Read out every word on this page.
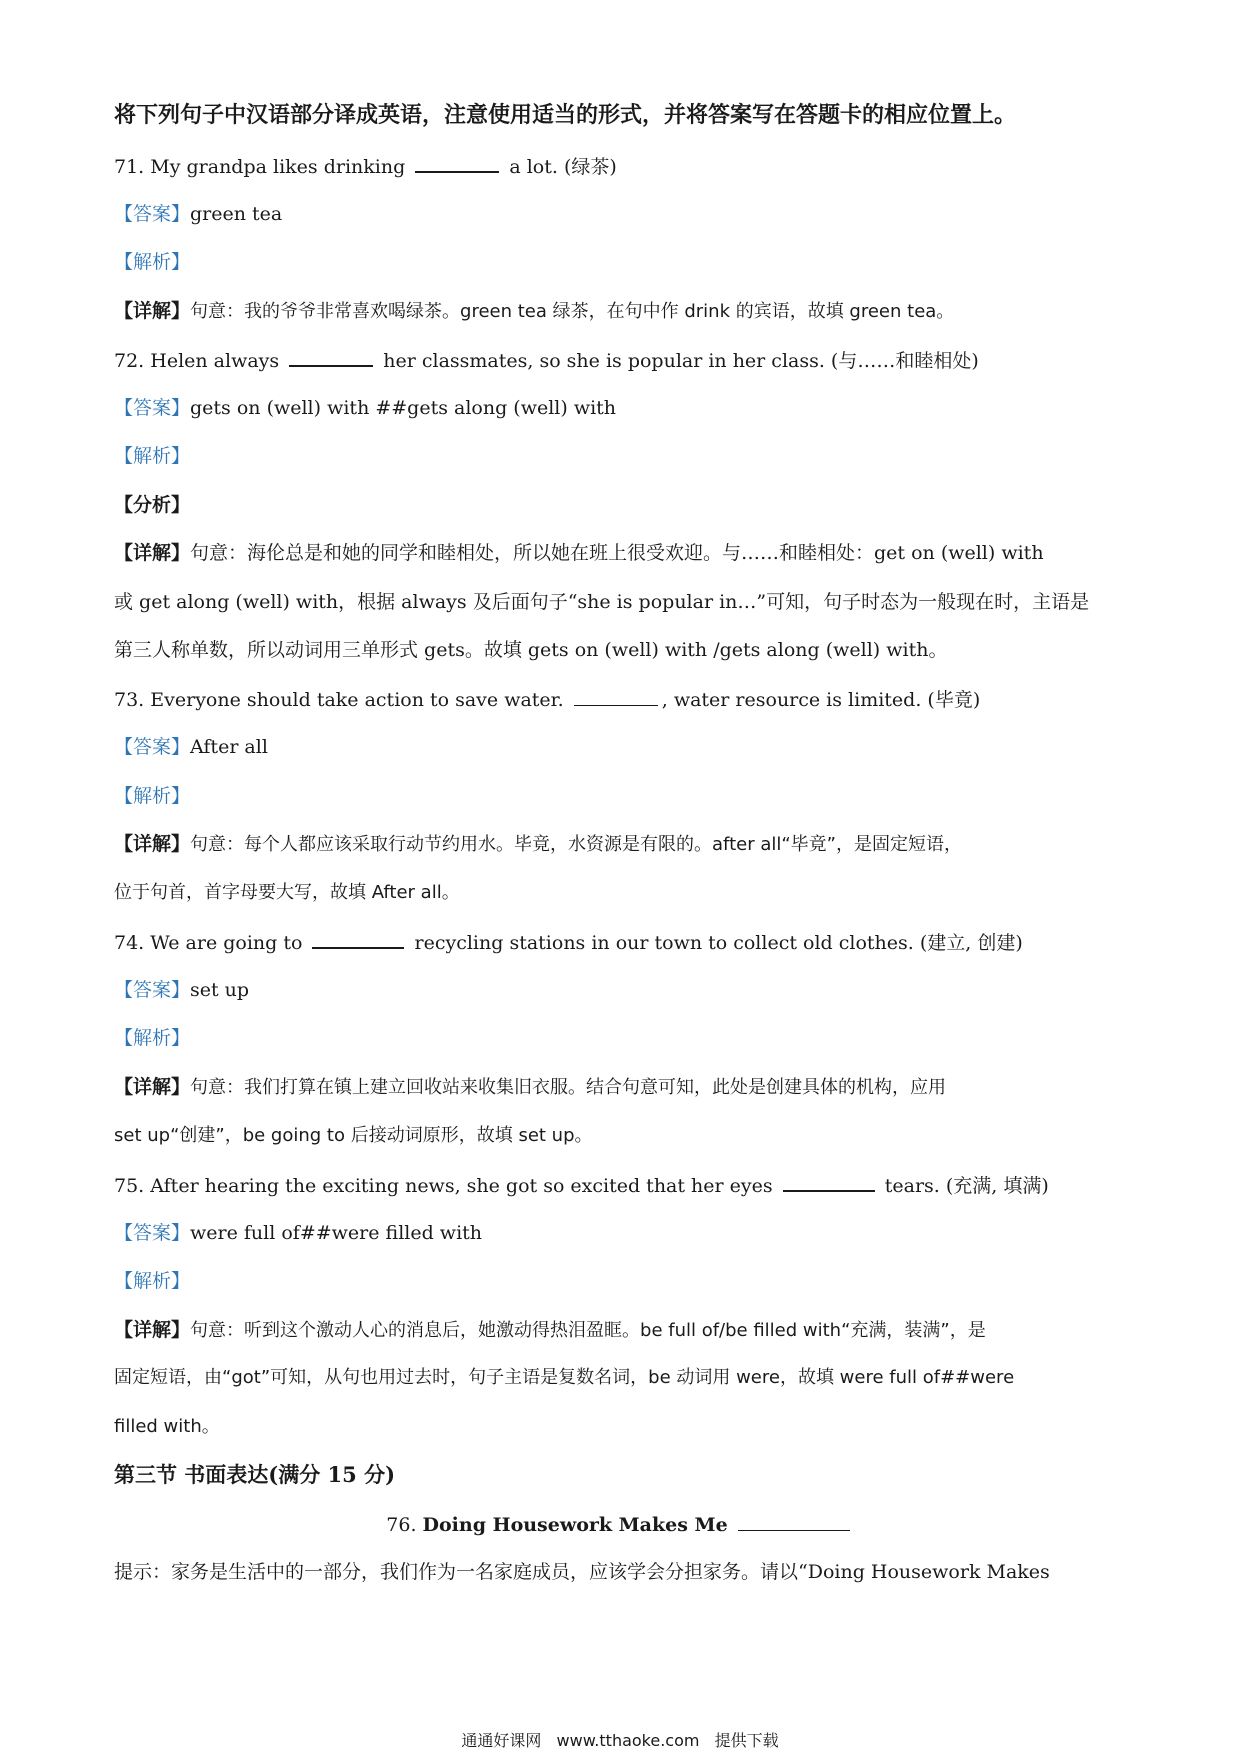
将下列句子中汉语部分译成英语，注意使用适当的形式，并将答案写在答题卡的相应位置上。
71. My grandpa likes drinking	a lot. (绿茶)
【答案】green tea
【解析】
【详解】句意：我的爷爷非常喜欢喝绿茶。green tea 绿茶，在句中作 drink 的宾语，故填 green tea。
72. Helen always	her classmates, so she is popular in her class. (与……和睦相处)
【答案】gets on (well) with ##gets along (well) with
【解析】
【分析】
【详解】句意：海伦总是和她的同学和睦相处，所以她在班上很受欢迎。与……和睦相处：get on (well) with
或 get along (well) with，根据 always 及后面句子“she is popular in…”可知，句子时态为一般现在时，主语是
第三人称单数，所以动词用三单形式 gets。故填 gets on (well) with /gets along (well) with。
73. Everyone should take action to save water.	, water resource is limited. (毕竟)
【答案】After all
【解析】
【详解】句意：每个人都应该采取行动节约用水。毕竟，水资源是有限的。after all“毕竟”，是固定短语，
位于句首，首字母要大写，故填 After all。
74. We are going to	recycling stations in our town to collect old clothes. (建立, 创建)
【答案】set up
【解析】
【详解】句意：我们打算在镇上建立回收站来收集旧衣服。结合句意可知，此处是创建具体的机构，应用
set up“创建”，be going to 后接动词原形，故填 set up。
75. After hearing the exciting news, she got so excited that her eyes	tears. (充满, 填满)
【答案】were full of##were filled with
【解析】
【详解】句意：听到这个激动人心的消息后，她激动得热泪盈眶。be full of/be filled with“充满，装满”，是
固定短语，由“got”可知，从句也用过去时，句子主语是复数名词，be 动词用 were，故填 were full of##were
filled with。
第三节 书面表达(满分 15 分)
76. Doing Housework Makes Me
提示：家务是生活中的一部分，我们作为一名家庭成员，应该学会分担家务。请以“Doing Housework Makes
通通好课网 www.tthaoke.com 提供下载
